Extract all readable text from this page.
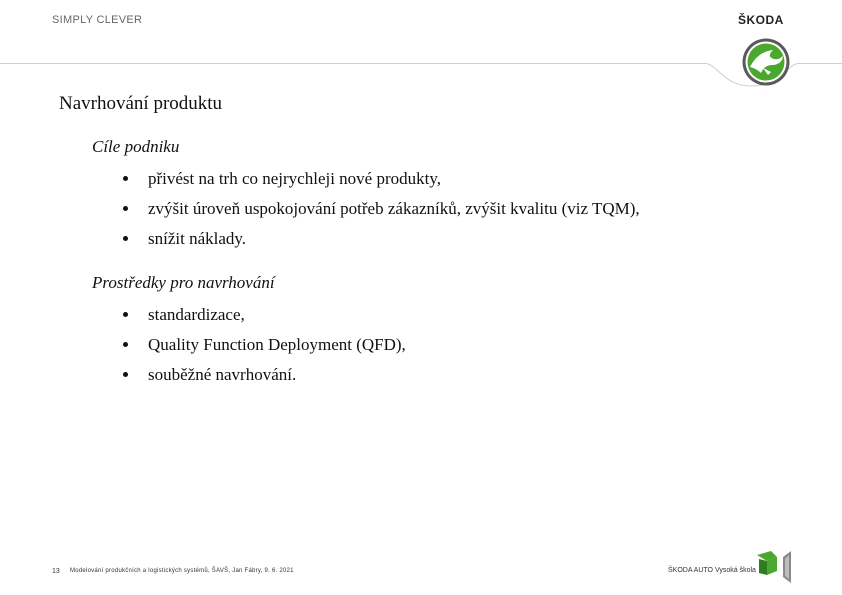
SIMPLY CLEVER	ŠKODA
Navrhování produktu
Cíle podniku
přivést na trh co nejrychleji nové produkty,
zvýšit úroveň uspokojování potřeb zákazníků, zvýšit kvalitu (viz TQM),
snížit náklady.
Prostředky pro navrhování
standardizace,
Quality Function Deployment (QFD),
souběžné navrhování.
13 Modelování produkčních a logistických systémů, ŠAVŠ, Jan Fábry, 9. 6. 2021	ŠKODA AUTO Vysoká škola
